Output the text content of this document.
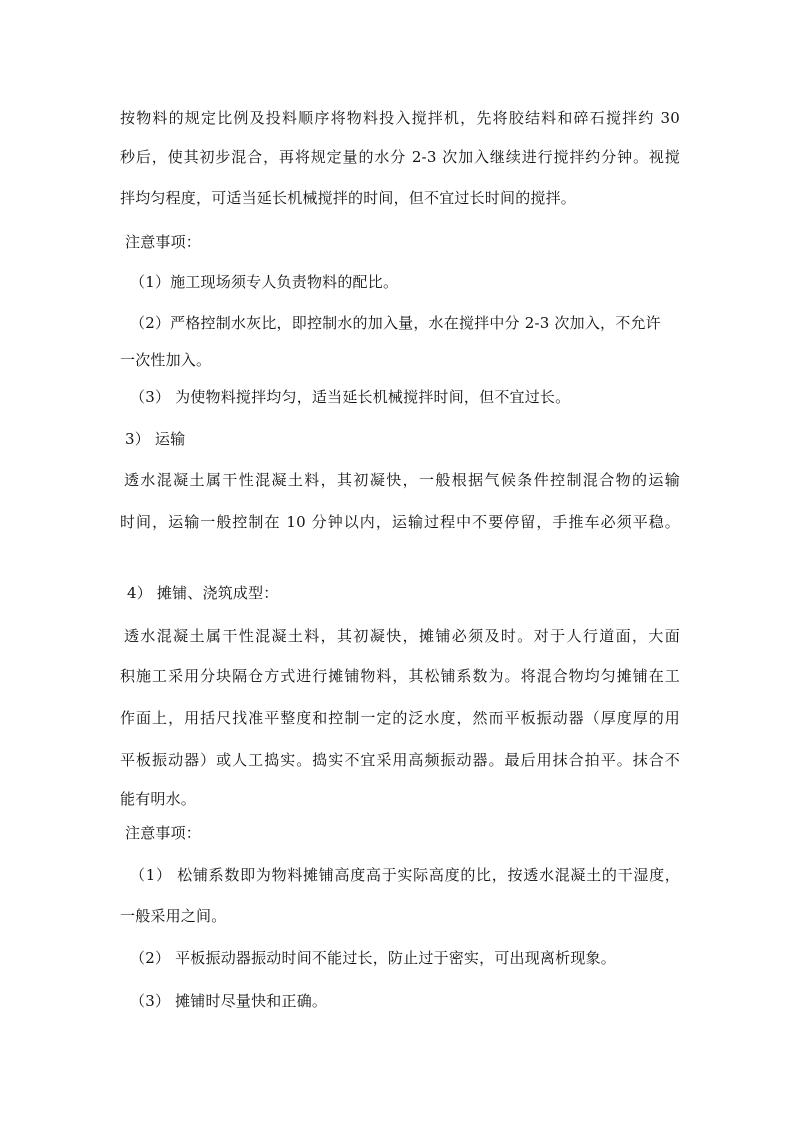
按物料的规定比例及投料顺序将物料投入搅拌机，先将胶结料和碎石搅拌约 30
秒后，使其初步混合，再将规定量的水分 2-3 次加入继续进行搅拌约分钟。视搅
拌均匀程度，可适当延长机械搅拌的时间，但不宜过长时间的搅拌。
注意事项：
（1）施工现场须专人负责物料的配比。
（2）严格控制水灰比，即控制水的加入量，水在搅拌中分 2-3 次加入，不允许
一次性加入。
（3） 为使物料搅拌均匀，适当延长机械搅拌时间，但不宜过长。
3） 运输
透水混凝土属干性混凝土料，其初凝快，一般根据气候条件控制混合物的运输
时间，运输一般控制在 10 分钟以内，运输过程中不要停留，手推车必须平稳。
4） 摊铺、浇筑成型：
透水混凝土属干性混凝土料，其初凝快，摊铺必须及时。对于人行道面，大面
积施工采用分块隔仓方式进行摊铺物料，其松铺系数为。将混合物均匀摊铺在工
作面上，用括尺找准平整度和控制一定的泛水度，然而平板振动器（厚度厚的用
平板振动器）或人工捣实。捣实不宜采用高频振动器。最后用抹合拍平。抹合不
能有明水。
注意事项：
（1） 松铺系数即为物料摊铺高度高于实际高度的比，按透水混凝土的干湿度，
一般采用之间。
（2） 平板振动器振动时间不能过长，防止过于密实，可出现离析现象。
（3） 摊铺时尽量快和正确。
